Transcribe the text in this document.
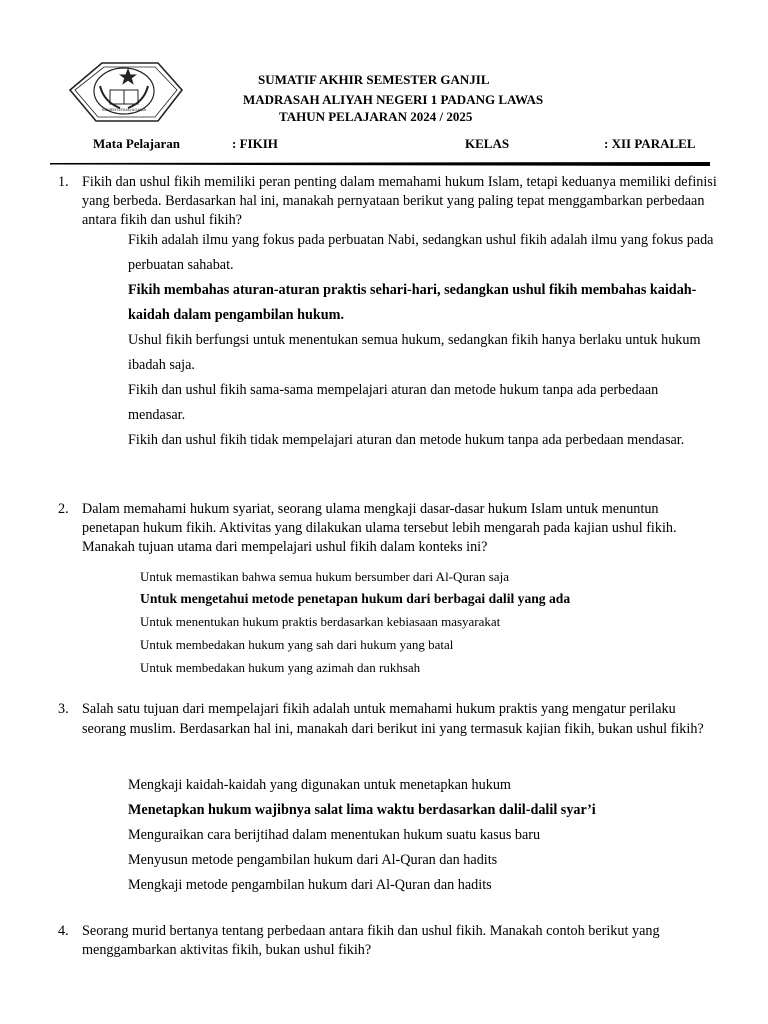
KEMENTERIAN AGAMA
SUMATIF AKHIR SEMESTER GANJIL
MADRASAH ALIYAH NEGERI 1 PADANG LAWAS
TAHUN PELAJARAN 2024 / 2025
Mata Pelajaran	: FIKIH	KELAS	: XII PARALEL
1. Fikih dan ushul fikih memiliki peran penting dalam memahami hukum Islam, tetapi keduanya memiliki definisi yang berbeda. Berdasarkan hal ini, manakah pernyataan berikut yang paling tepat menggambarkan perbedaan antara fikih dan ushul fikih?
Fikih adalah ilmu yang fokus pada perbuatan Nabi, sedangkan ushul fikih adalah ilmu yang fokus pada perbuatan sahabat.
Fikih membahas aturan-aturan praktis sehari-hari, sedangkan ushul fikih membahas kaidah-kaidah dalam pengambilan hukum.
Ushul fikih berfungsi untuk menentukan semua hukum, sedangkan fikih hanya berlaku untuk hukum ibadah saja.
Fikih dan ushul fikih sama-sama mempelajari aturan dan metode hukum tanpa ada perbedaan mendasar.
Fikih dan ushul fikih tidak mempelajari aturan dan metode hukum tanpa ada perbedaan mendasar.
2. Dalam memahami hukum syariat, seorang ulama mengkaji dasar-dasar hukum Islam untuk menuntun penetapan hukum fikih. Aktivitas yang dilakukan ulama tersebut lebih mengarah pada kajian ushul fikih. Manakah tujuan utama dari mempelajari ushul fikih dalam konteks ini?
Untuk memastikan bahwa semua hukum bersumber dari Al-Quran saja
Untuk mengetahui metode penetapan hukum dari berbagai dalil yang ada
Untuk menentukan hukum praktis berdasarkan kebiasaan masyarakat
Untuk membedakan hukum yang sah dari hukum yang batal
Untuk membedakan hukum yang azimah dan rukhsah
3. Salah satu tujuan dari mempelajari fikih adalah untuk memahami hukum praktis yang mengatur perilaku seorang muslim. Berdasarkan hal ini, manakah dari berikut ini yang termasuk kajian fikih, bukan ushul fikih?
Mengkaji kaidah-kaidah yang digunakan untuk menetapkan hukum
Menetapkan hukum wajibnya salat lima waktu berdasarkan dalil-dalil syar’i
Menguraikan cara berijtihad dalam menentukan hukum suatu kasus baru
Menyusun metode pengambilan hukum dari Al-Quran dan hadits
Mengkaji metode pengambilan hukum dari Al-Quran dan hadits
4. Seorang murid bertanya tentang perbedaan antara fikih dan ushul fikih. Manakah contoh berikut yang menggambarkan aktivitas fikih, bukan ushul fikih?
